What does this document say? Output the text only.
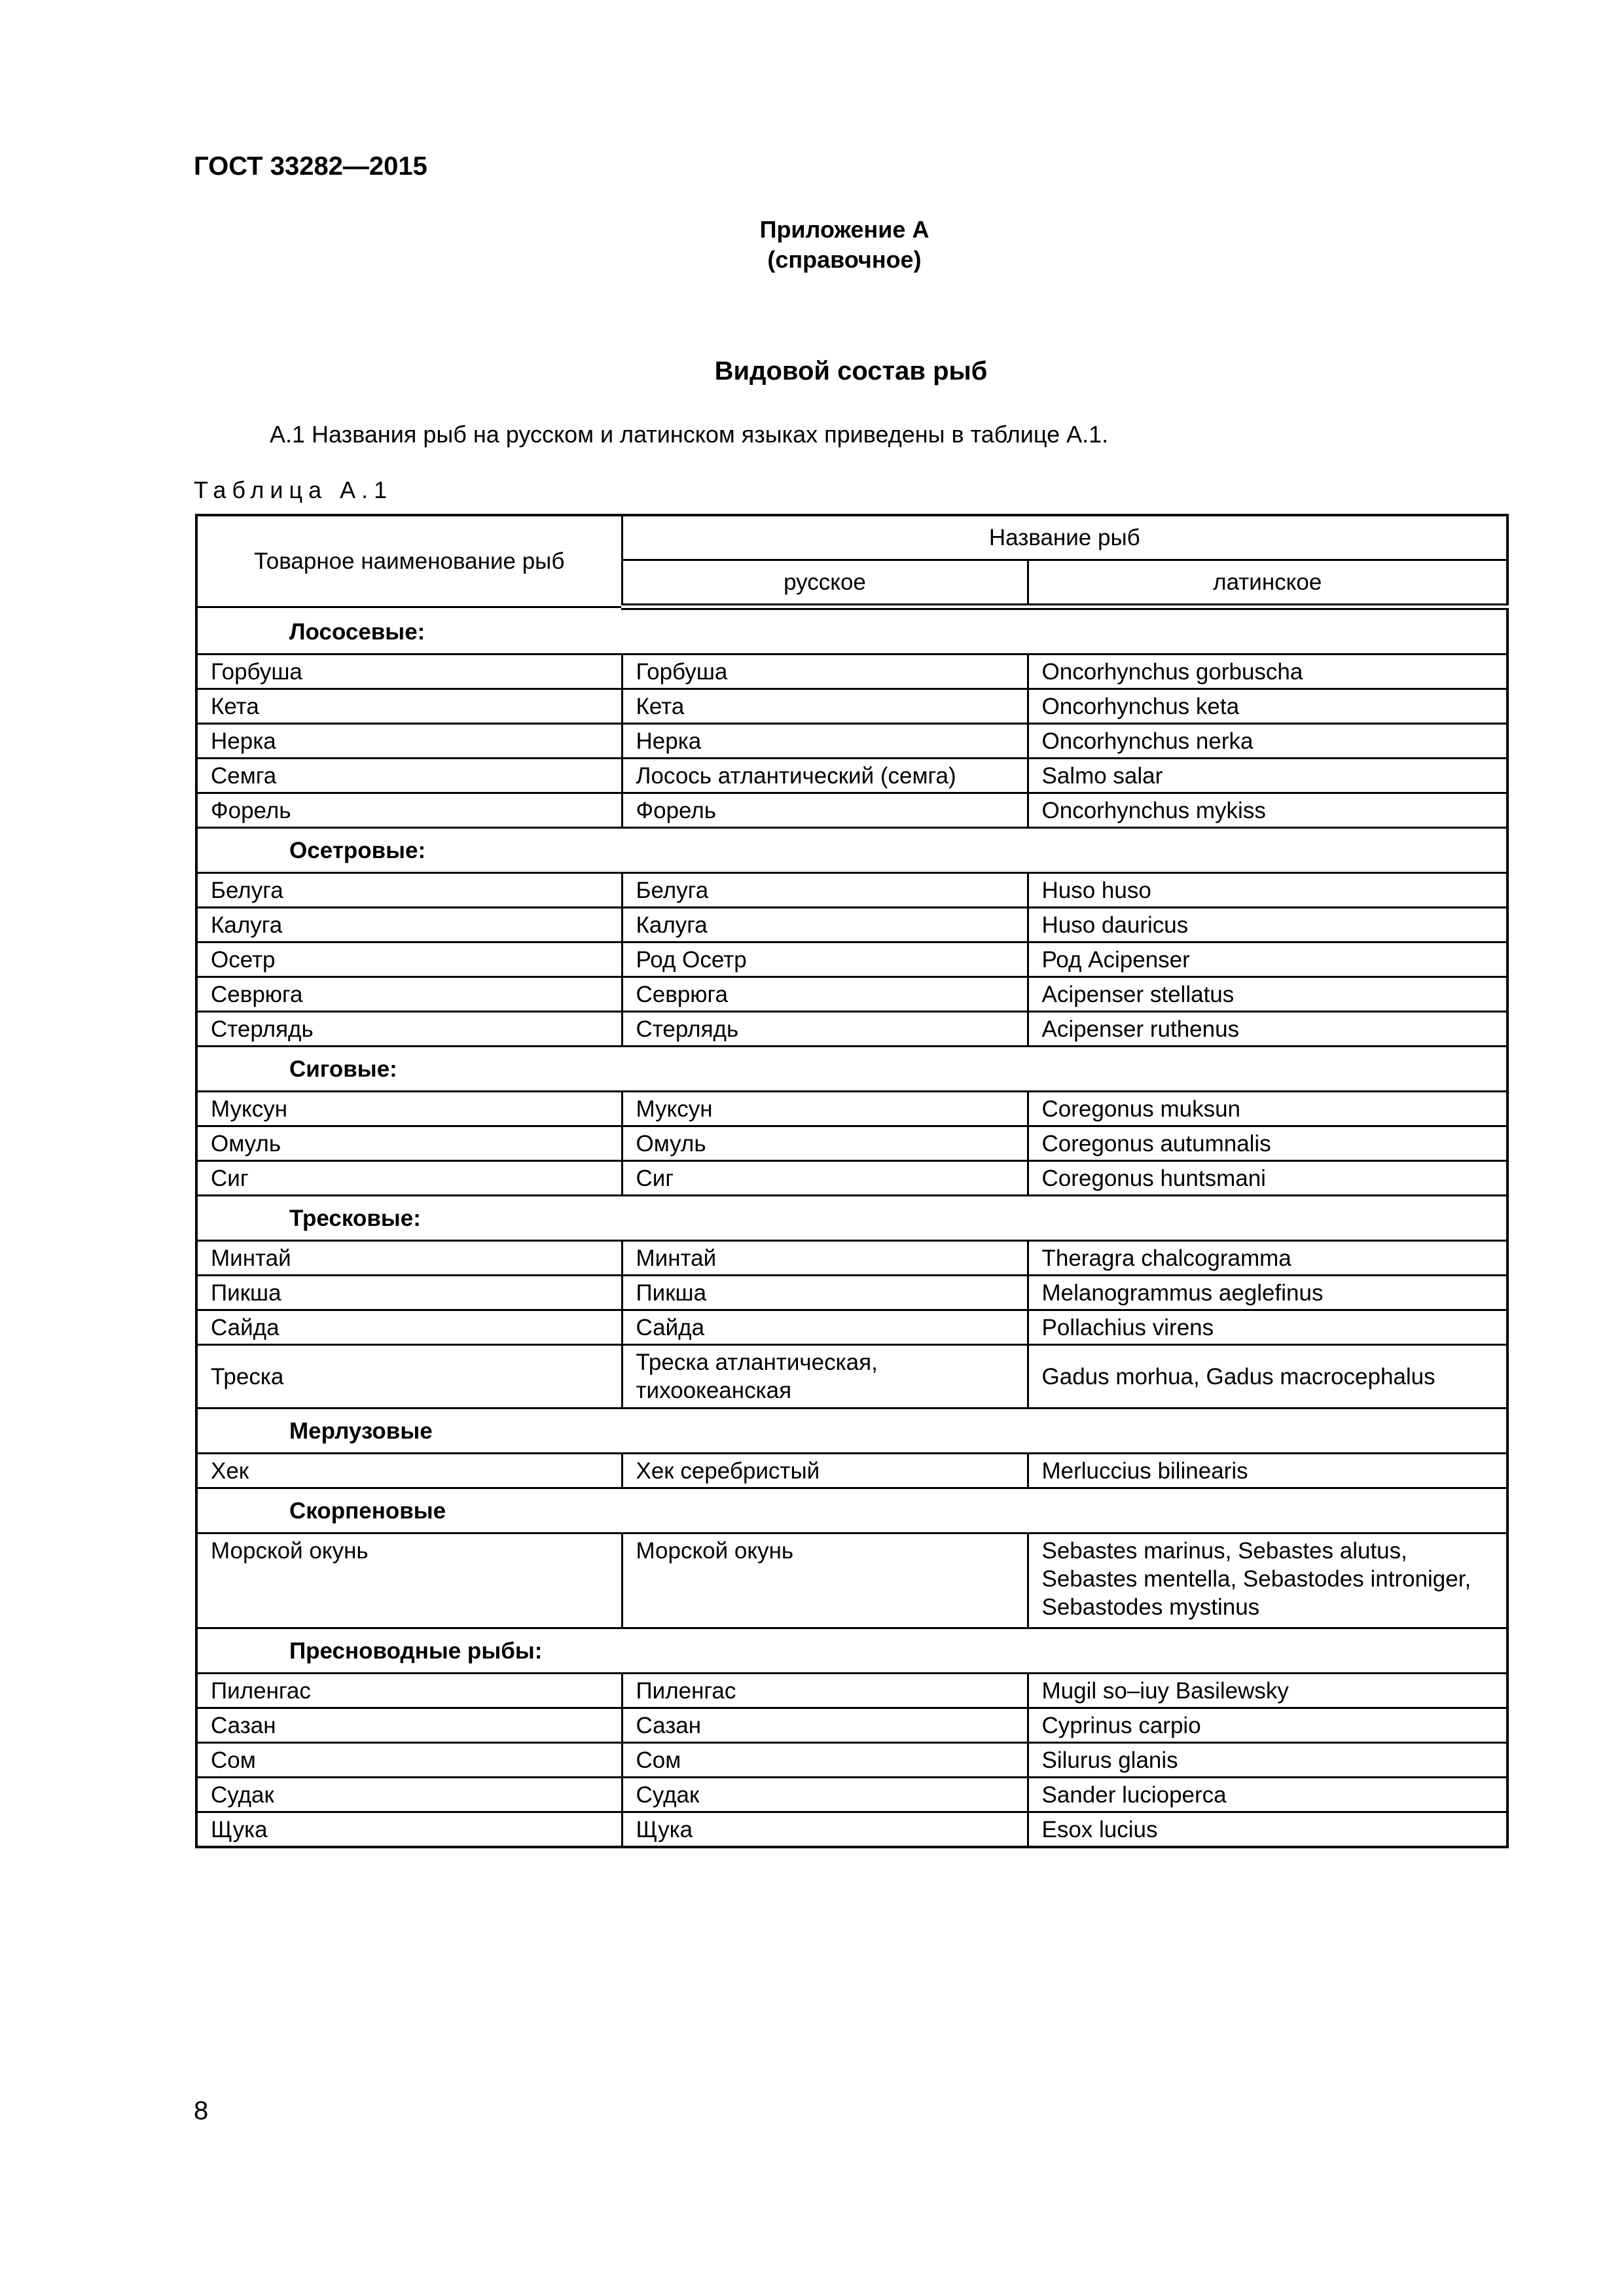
ГОСТ 33282—2015
Приложение А
(справочное)
Видовой состав рыб
А.1 Названия рыб на русском и латинском языках приведены в таблице А.1.
Таблица А.1
Товарное наименование рыб	Название рыб	
	русское	латинское
Лососевые:		
Горбуша	Горбуша	Oncorhynchus gorbuscha
Кета	Кета	Oncorhynchus keta
Нерка	Нерка	Oncorhynchus nerka
Семга	Лосось атлантический (семга)	Salmo salar
Форель	Форель	Oncorhynchus mykiss
Осетровые:		
Белуга	Белуга	Huso huso
Калуга	Калуга	Huso dauricus
Осетр	Род Осетр	Род Acipenser
Севрюга	Севрюга	Acipenser stellatus
Стерлядь	Стерлядь	Acipenser ruthenus
Сиговые:		
Муксун	Муксун	Coregonus muksun
Омуль	Омуль	Coregonus autumnalis
Сиг	Сиг	Coregonus huntsmani
Тресковые:		
Минтай	Минтай	Theragra chalcogramma
Пикша	Пикша	Melanogrammus aeglefinus
Сайда	Сайда	Pollachius virens
Треска	Треска атлантическая, тихоокеанская	Gadus morhua, Gadus macrocephalus
Мерлузовые		
Хек	Хек серебристый	Merluccius bilinearis
Скорпеновые		
Морской окунь	Морской окунь	Sebastes marinus, Sebastes alutus, Sebastes mentella, Sebastodes introniger, Sebastodes mystinus
Пресноводные рыбы:		
Пиленгас	Пиленгас	Mugil so–iuy Basilewsky
Сазан	Сазан	Cyprinus carpio
Сом	Сом	Silurus glanis
Судак	Судак	Sander lucioperca
Щука	Щука	Esox lucius
8
